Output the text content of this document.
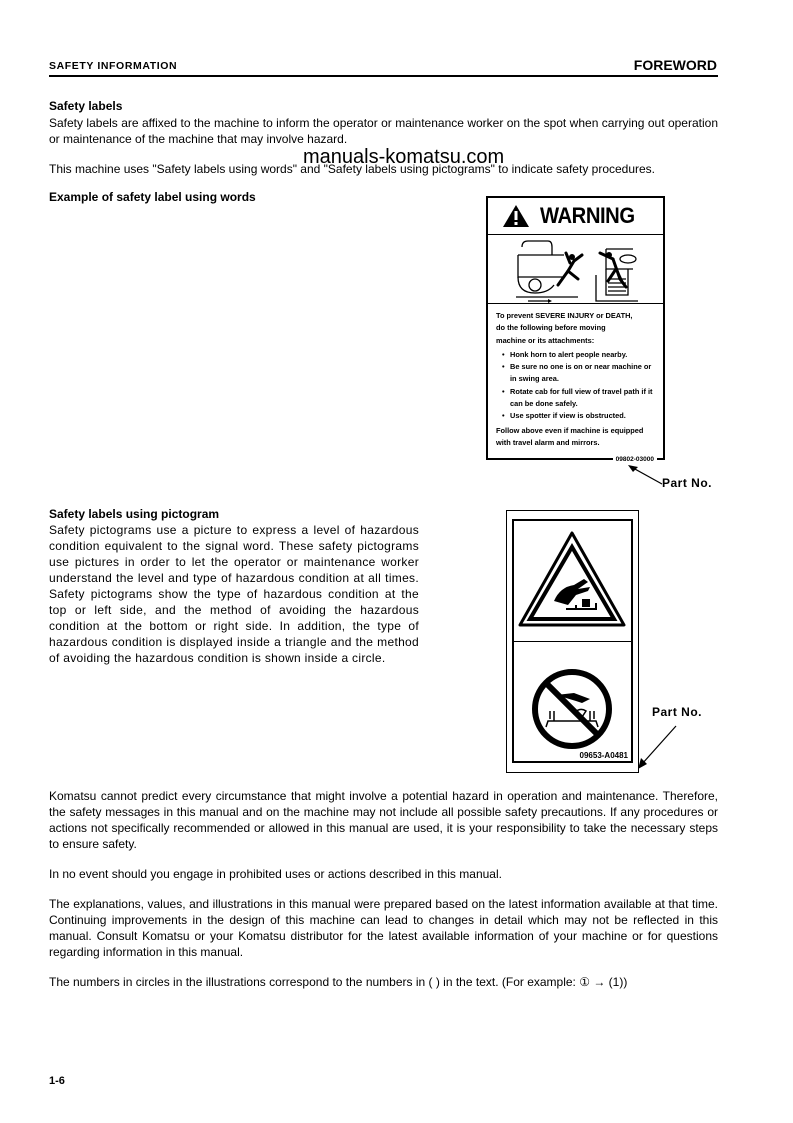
SAFETY INFORMATION	FOREWORD
Safety labels
Safety labels are affixed to the machine to inform the operator or maintenance worker on the spot when carrying out operation or maintenance of the machine that may involve hazard.
This machine uses "Safety labels using words" and "Safety labels using pictograms" to indicate safety procedures.
manuals-komatsu.com
Example of safety label using words
WARNING
To prevent SEVERE INJURY or DEATH,
do the following before moving
machine or its attachments:
• Honk horn to alert people nearby.
• Be sure no one is on or near machine or in swing area.
• Rotate cab for full view of travel path if it can be done safely.
• Use spotter if view is obstructed.
Follow above even if machine is equipped with travel alarm and mirrors.
09802-03000
Part No.
Safety labels using pictogram
Safety pictograms use a picture to express a level of hazardous condition equivalent to the signal word. These safety pictograms use pictures in order to let the operator or maintenance worker understand the level and type of hazardous condition at all times. Safety pictograms show the type of hazardous condition at the top or left side, and the method of avoiding the hazardous condition at the bottom or right side. In addition, the type of hazardous condition is displayed inside a triangle and the method of avoiding the hazardous condition is shown inside a circle.
09653-A0481
Part No.
Komatsu cannot predict every circumstance that might involve a potential hazard in operation and maintenance. Therefore, the safety messages in this manual and on the machine may not include all possible safety precautions. If any procedures or actions not specifically recommended or allowed in this manual are used, it is your responsibility to take the necessary steps to ensure safety.
In no event should you engage in prohibited uses or actions described in this manual.
The explanations, values, and illustrations in this manual were prepared based on the latest information available at that time. Continuing improvements in the design of this machine can lead to changes in detail which may not be reflected in this manual. Consult Komatsu or your Komatsu distributor for the latest available information of your machine or for questions regarding information in this manual.
The numbers in circles in the illustrations correspond to the numbers in ( ) in the text. (For example: ① → (1))
1-6
